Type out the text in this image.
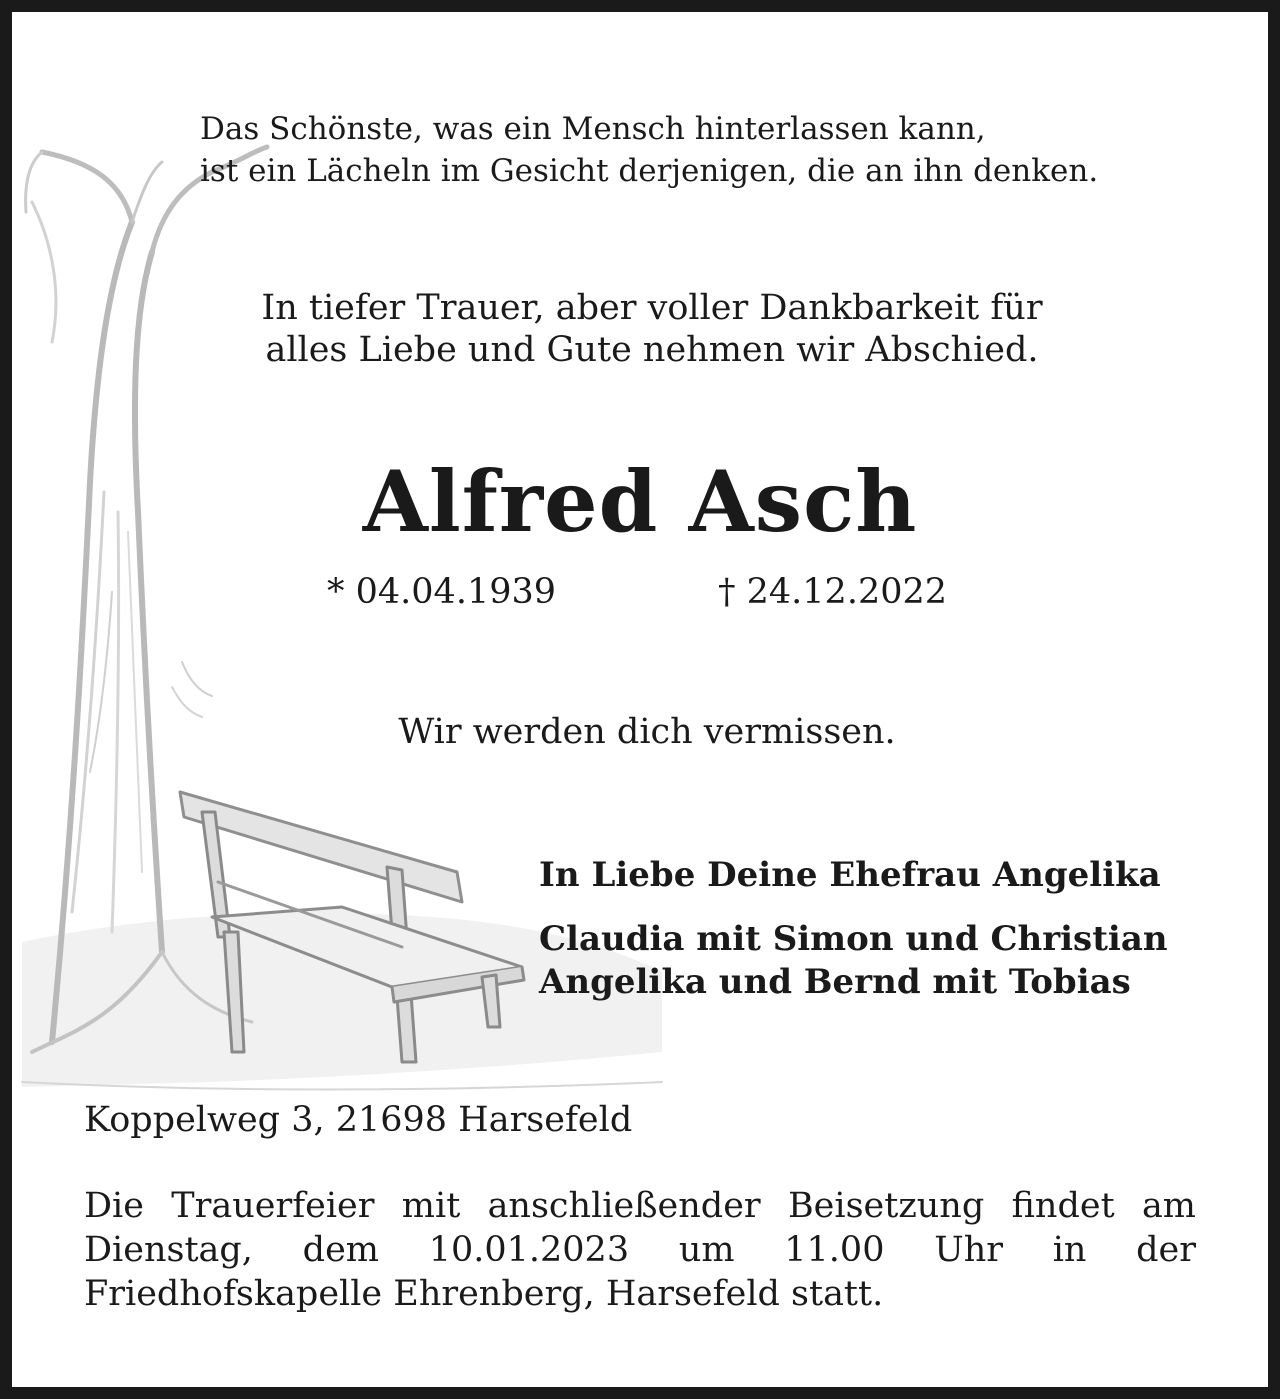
Das Schönste, was ein Mensch hinterlassen kann,
ist ein Lächeln im Gesicht derjenigen, die an ihn denken.
In tiefer Trauer, aber voller Dankbarkeit für
alles Liebe und Gute nehmen wir Abschied.
Alfred Asch
* 04.04.1939	† 24.12.2022
Wir werden dich vermissen.
In Liebe Deine Ehefrau Angelika
Claudia mit Simon und Christian
Angelika und Bernd mit Tobias
Koppelweg 3, 21698 Harsefeld
Die Trauerfeier mit anschließender Beisetzung findet am Dienstag, dem 10.01.2023 um 11.00 Uhr in der Friedhofskapelle Ehrenberg, Harsefeld statt.
